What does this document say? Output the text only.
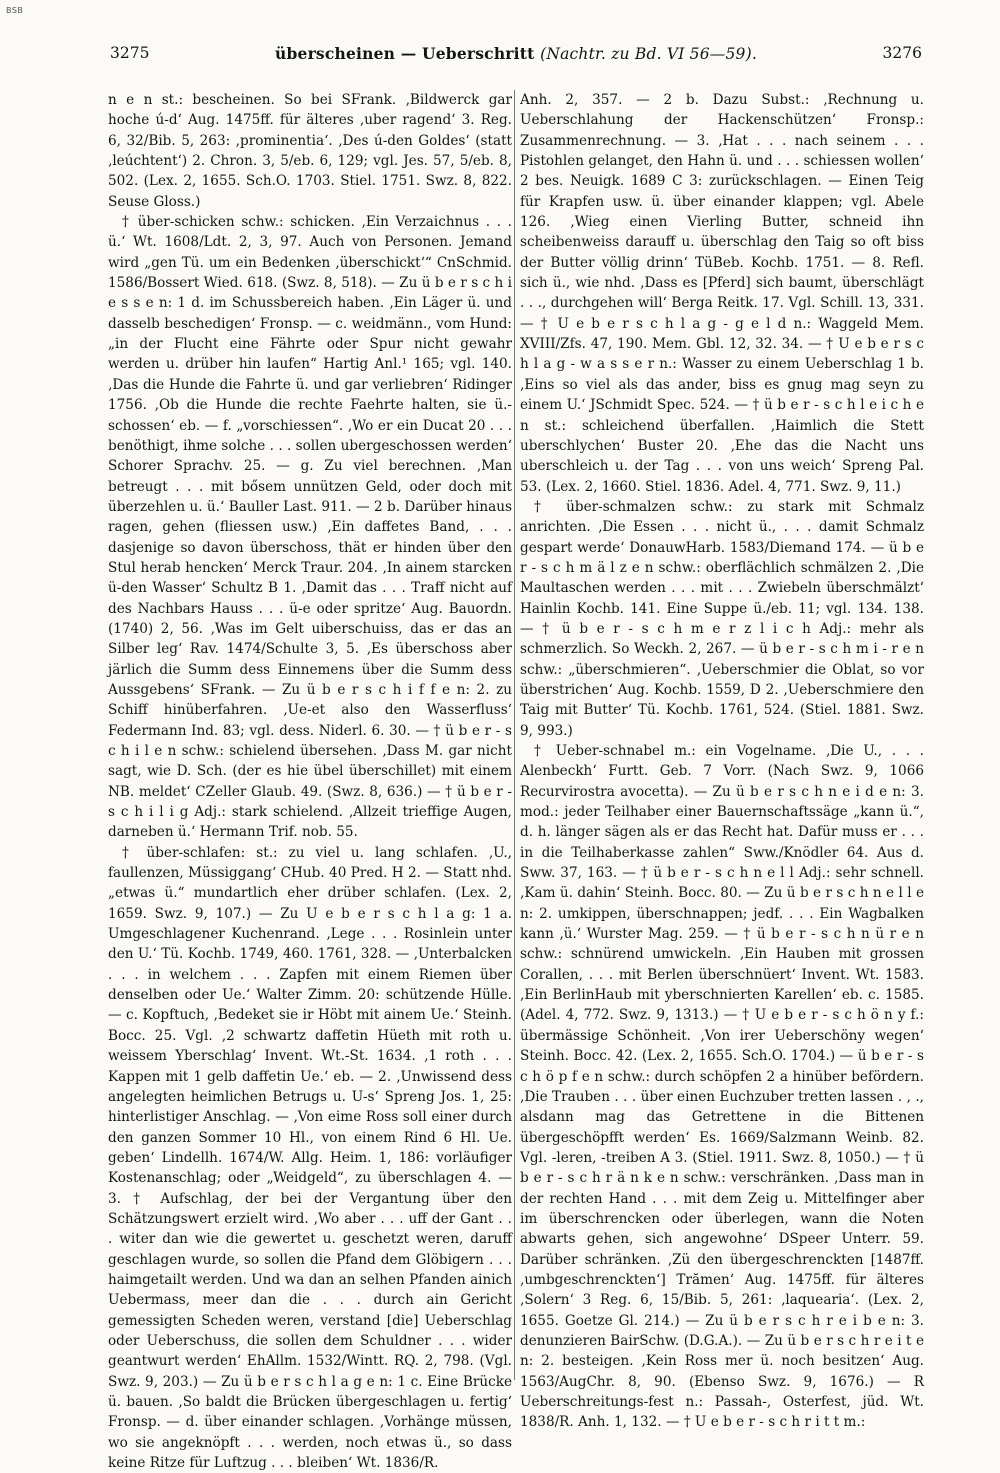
BSB
3275	überscheinen — Ueberschritt (Nachtr. zu Bd. VI 56—59).	3276

n e n st.: bescheinen. So bei SFrank. ‚Bildwerck gar hoche ú-d‘ Aug. 1475ff. für älteres ‚uber ragend‘ 3. Reg. 6, 32/Bib. 5, 263: ‚prominentia‘. ‚Des ú-den Goldes‘ (statt ‚leúchtent‘) 2. Chron. 3, 5/eb. 6, 129; vgl. Jes. 57, 5/eb. 8, 502. (Lex. 2, 1655. Sch.O. 1703. Stiel. 1751. Swz. 8, 822. Seuse Gloss.)

† über-schicken schw.: schicken. ‚Ein Verzaichnus . . . ü.‘ Wt. 1608/Ldt. 2, 3, 97. Auch von Personen. Jemand wird „gen Tü. um ein Bedenken ‚überschickt‘“ CnSchmid. 1586/Bossert Wied. 618. (Swz. 8, 518). — Zu ü b e r s c h i e s s e n: 1 d. im Schussbereich haben. ‚Ein Läger ü. und dasselb beschedigen‘ Fronsp. — c. weidmänn., vom Hund: „in der Flucht eine Fährte oder Spur nicht gewahr werden u. drüber hin laufen“ Hartig Anl.¹ 165; vgl. 140. ‚Das die Hunde die Fahrte ü. und gar verliebren‘ Ridinger 1756. ‚Ob die Hunde die rechte Faehrte halten, sie ü.-schossen‘ eb. — f. „vorschiessen“. ‚Wo er ein Ducat 20 . . . benöthigt, ihme solche . . . sollen ubergeschossen werden‘ Schorer Sprachv. 25. — g. Zu viel berechnen. ‚Man betreugt . . . mit bősem unnützen Geld, oder doch mit überzehlen u. ü.‘ Bauller Last. 911. — 2 b. Darüber hinaus ragen, gehen (fliessen usw.) ‚Ein daffetes Band, . . . dasjenige so davon überschoss, thät er hinden über den Stul herab hencken‘ Merck Traur. 204. ‚In ainem starcken ü-den Wasser‘ Schultz B 1. ‚Damit das . . . Traff nicht auf des Nachbars Hauss . . . ü-e oder spritze‘ Aug. Bauordn. (1740) 2, 56. ‚Was im Gelt uiberschuiss, das er das an Silber leg‘ Rav. 1474/Schulte 3, 5. ‚Es überschoss aber järlich die Summ dess Einnemens über die Summ dess Aussgebens‘ SFrank. — Zu ü b e r s c h i f f e n: 2. zu Schiff hinüberfahren. ‚Ue-et also den Wasserfluss‘ Federmann Ind. 83; vgl. dess. Niderl. 6. 30. — † ü b e r - s c h i l e n schw.: schielend übersehen. ‚Dass M. gar nicht sagt, wie D. Sch. (der es hie übel überschillet) mit einem NB. meldet‘ CZeller Glaub. 49. (Swz. 8, 636.) — † ü b e r - s c h i l i g Adj.: stark schielend. ‚Allzeit trieffige Augen, darneben ü.‘ Hermann Trif. nob. 55.

† über-schlafen: st.: zu viel u. lang schlafen. ‚U., faullenzen, Müssiggang‘ CHub. 40 Pred. H 2. — Statt nhd. „etwas ü.“ mundartlich eher drüber schlafen. (Lex. 2, 1659. Swz. 9, 107.) — Zu U e b e r s c h l a g: 1 a. Umgeschlagener Kuchenrand. ‚Lege . . . Rosinlein unter den U.‘ Tü. Kochb. 1749, 460. 1761, 328. — ‚Unterbalcken . . . in welchem . . . Zapfen mit einem Riemen über denselben oder Ue.‘ Walter Zimm. 20: schützende Hülle. — c. Kopftuch, ‚Bedeket sie ir Höbt mit ainem Ue.‘ Steinh. Bocc. 25. Vgl. ‚2 schwartz daffetin Hüeth mit roth u. weissem Yberschlag‘ Invent. Wt.-St. 1634. ‚1 roth . . . Kappen mit 1 gelb daffetin Ue.‘ eb. — 2. ‚Unwissend dess angelegten heimlichen Betrugs u. U-s‘ Spreng Jos. 1, 25: hinterlistiger Anschlag. — ‚Von eime Ross soll einer durch den ganzen Sommer 10 Hl., von einem Rind 6 Hl. Ue. geben‘ Lindellh. 1674/W. Allg. Heim. 1, 186: vorläufiger Kostenanschlag; oder „Weidgeld“, zu überschlagen 4. — 3. † Aufschlag, der bei der Vergantung über den Schätzungswert erzielt wird. ‚Wo aber . . . uff der Gant . . . witer dan wie die gewertet u. geschetzt weren, daruff geschlagen wurde, so sollen die Pfand dem Glöbigern . . . haimgetailt werden. Und wa dan an selhen Pfanden ainich Uebermass, meer dan die . . . durch ain Gericht gemessigten Scheden weren, verstand [die] Ueberschlag oder Ueberschuss, die sollen dem Schuldner . . . wider geantwurt werden‘ EhAllm. 1532/Wintt. RQ. 2, 798. (Vgl. Swz. 9, 203.) — Zu ü b e r s c h l a g e n: 1 c. Eine Brücke ü. bauen. ‚So baldt die Brücken übergeschlagen u. fertig‘ Fronsp. — d. über einander schlagen. ‚Vorhänge müssen, wo sie angeknöpft . . . werden, noch etwas ü., so dass keine Ritze für Luftzug . . . bleiben‘ Wt. 1836/R.

Anh. 2, 357. — 2 b. Dazu Subst.: ‚Rechnung u. Ueberschlahung der Hackenschützen‘ Fronsp.: Zusammenrechnung. — 3. ‚Hat . . . nach seinem . . . Pistohlen gelanget, den Hahn ü. und . . . schiessen wollen‘ 2 bes. Neuigk. 1689 C 3: zurückschlagen. — Einen Teig für Krapfen usw. ü. über einander klappen; vgl. Abele 126. ‚Wieg einen Vierling Butter, schneid ihn scheibenweiss darauff u. überschlag den Taig so oft biss der Butter völlig drinn‘ TüBeb. Kochb. 1751. — 8. Refl. sich ü., wie nhd. ‚Dass es [Pferd] sich baumt, überschlägt . . ., durchgehen will‘ Berga Reitk. 17. Vgl. Schill. 13, 331. — † U e b e r s c h l a g - g e l d n.: Waggeld Mem. XVIII/Zfs. 47, 190. Mem. Gbl. 12, 32. 34. — † U e b e r s c h l a g - w a s s e r n.: Wasser zu einem Ueberschlag 1 b. ‚Eins so viel als das ander, biss es gnug mag seyn zu einem U.‘ JSchmidt Spec. 524. — † ü b e r - s c h l e i c h e n st.: schleichend überfallen. ‚Haimlich die Stett uberschlychen‘ Buster 20. ‚Ehe das die Nacht uns uberschleich u. der Tag . . . von uns weich‘ Spreng Pal. 53. (Lex. 2, 1660. Stiel. 1836. Adel. 4, 771. Swz. 9, 11.)

† über-schmalzen schw.: zu stark mit Schmalz anrichten. ‚Die Essen . . . nicht ü., . . . damit Schmalz gespart werde‘ DonauwHarb. 1583/Diemand 174. — ü b e r - s c h m ä l z e n schw.: oberflächlich schmälzen 2. ‚Die Maultaschen werden . . . mit . . . Zwiebeln überschmälzt‘ Hainlin Kochb. 141. Eine Suppe ü./eb. 11; vgl. 134. 138. — † ü b e r - s c h m e r z l i c h Adj.: mehr als schmerzlich. So Weckh. 2, 267. — ü b e r - s c h m i - r e n schw.: „überschmieren“. ‚Ueberschmier die Oblat, so vor überstrichen‘ Aug. Kochb. 1559, D 2. ‚Ueberschmiere den Taig mit Butter‘ Tü. Kochb. 1761, 524. (Stiel. 1881. Swz. 9, 993.)

† Ueber-schnabel m.: ein Vogelname. ‚Die U., . . . Alenbeckh‘ Furtt. Geb. 7 Vorr. (Nach Swz. 9, 1066 Recurvirostra avocetta). — Zu ü b e r s c h n e i d e n: 3. mod.: jeder Teilhaber einer Bauernschaftssäge „kann ü.“, d. h. länger sägen als er das Recht hat. Dafür muss er . . . in die Teilhaberkasse zahlen“ Sww./Knödler 64. Aus d. Sww. 37, 163. — † ü b e r - s c h n e l l Adj.: sehr schnell. ‚Kam ü. dahin‘ Steinh. Bocc. 80. — Zu ü b e r s c h n e l l e n: 2. umkippen, überschnappen; jedf. . . . Ein Wagbalken kann ‚ü.‘ Wurster Mag. 259. — † ü b e r - s c h n ü r e n schw.: schnürend umwickeln. ‚Ein Hauben mit grossen Corallen, . . . mit Berlen überschnüert‘ Invent. Wt. 1583. ‚Ein BerlinHaub mit yberschnierten Karellen‘ eb. c. 1585. (Adel. 4, 772. Swz. 9, 1313.) — † U e b e r - s c h ö n y f.: übermässige Schönheit. ‚Von irer Ueberschöny wegen‘ Steinh. Bocc. 42. (Lex. 2, 1655. Sch.O. 1704.) — ü b e r - s c h ö p f e n schw.: durch schöpfen 2 a hinüber befördern. ‚Die Trauben . . . über einen Euchzuber tretten lassen . , ., alsdann mag das Getrettene in die Bittenen übergeschöpfft werden‘ Es. 1669/Salzmann Weinb. 82. Vgl. -leren, -treiben A 3. (Stiel. 1911. Swz. 8, 1050.) — † ü b e r - s c h r ä n k e n schw.: verschränken. ‚Dass man in der rechten Hand . . . mit dem Zeig u. Mittelfinger aber im überschrencken oder überlegen, wann die Noten abwarts gehen, sich angewohne‘ DSpeer Unterr. 59. Darüber schränken. ‚Zü den übergeschrenckten [1487ff. ‚umbgeschrenckten‘] Trămen‘ Aug. 1475ff. für älteres ‚Solern‘ 3 Reg. 6, 15/Bib. 5, 261: ‚laquearia‘. (Lex. 2, 1655. Goetze Gl. 214.) — Zu ü b e r s c h r e i b e n: 3. denunzieren BairSchw. (D.G.A.). — Zu ü b e r s c h r e i t e n: 2. besteigen. ‚Kein Ross mer ü. noch besitzen‘ Aug. 1563/AugChr. 8, 90. (Ebenso Swz. 9, 1676.) — R Ueberschreitungs-fest n.: Passah-, Osterfest, jüd. Wt. 1838/R. Anh. 1, 132. — † U e b e r - s c h r i t t m.:
